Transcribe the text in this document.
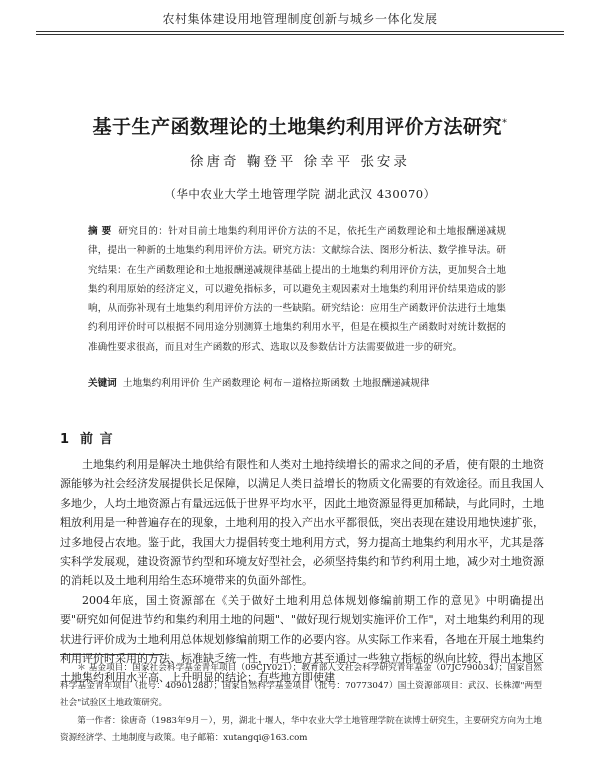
农村集体建设用地管理制度创新与城乡一体化发展
基于生产函数理论的土地集约利用评价方法研究*
徐唐奇 鞠登平 徐幸平 张安录
（华中农业大学土地管理学院 湖北武汉 430070）

摘 要 研究目的：针对目前土地集约利用评价方法的不足，依托生产函数理论和土地报酬递减规律，提出一种新的土地集约利用评价方法。研究方法：文献综合法、图形分析法、数学推导法。研究结果：在生产函数理论和土地报酬递减规律基础上提出的土地集约利用评价方法，更加契合土地集约利用原始的经济定义，可以避免指标多，可以避免主观因素对土地集约利用评价结果造成的影响，从而弥补现有土地集约利用评价方法的一些缺陷。研究结论：应用生产函数评价法进行土地集约利用评价时可以根据不同用途分别测算土地集约利用水平，但是在模拟生产函数时对统计数据的准确性要求很高，而且对生产函数的形式、选取以及参数估计方法需要做进一步的研究。

关键词 土地集约利用评价 生产函数理论 柯布－道格拉斯函数 土地报酬递减规律
1 前 言

土地集约利用是解决土地供给有限性和人类对土地持续增长的需求之间的矛盾，使有限的土地资源能够为社会经济发展提供长足保障，以满足人类日益增长的物质文化需要的有效途径。而且我国人多地少，人均土地资源占有量远远低于世界平均水平，因此土地资源显得更加稀缺，与此同时，土地粗放利用是一种普遍存在的现象，土地利用的投入产出水平都很低，突出表现在建设用地快速扩张，过多地侵占农地。鉴于此，我国大力提倡转变土地利用方式，努力提高土地集约利用水平，尤其是落实科学发展观，建设资源节约型和环境友好型社会，必须坚持集约和节约利用土地，减少对土地资源的消耗以及土地利用给生态环境带来的负面外部性。

2004年底，国土资源部在《关于做好土地利用总体规划修编前期工作的意见》中明确提出要"研究如何促进节约和集约利用土地的问题"、"做好现行规划实施评价工作"，对土地集约利用的现状进行评价成为土地利用总体规划修编前期工作的必要内容。从实际工作来看，各地在开展土地集约利用评价时采用的方法、标准缺乏统一性，有些地方甚至通过一些独立指标的纵向比较，得出本地区土地集约利用水平高、上升明显的结论；有些地方即使建

＊ 基金项目：国家社会科学基金青年项目（09CJY021）；教育部人文社会科学研究青年基金（07JC790034）；国家自然科学基金青年项目（批号：40901288）；国家自然科学基金项目（批号：70773047）国土资源部项目：武汉、长株潭"两型社会"试验区土地政策研究。

第一作者：徐唐奇（1983年9月－），男，湖北十堰人，华中农业大学土地管理学院在读博士研究生，主要研究方向为土地资源经济学、土地制度与政策。电子邮箱：xutangqi@163.com
